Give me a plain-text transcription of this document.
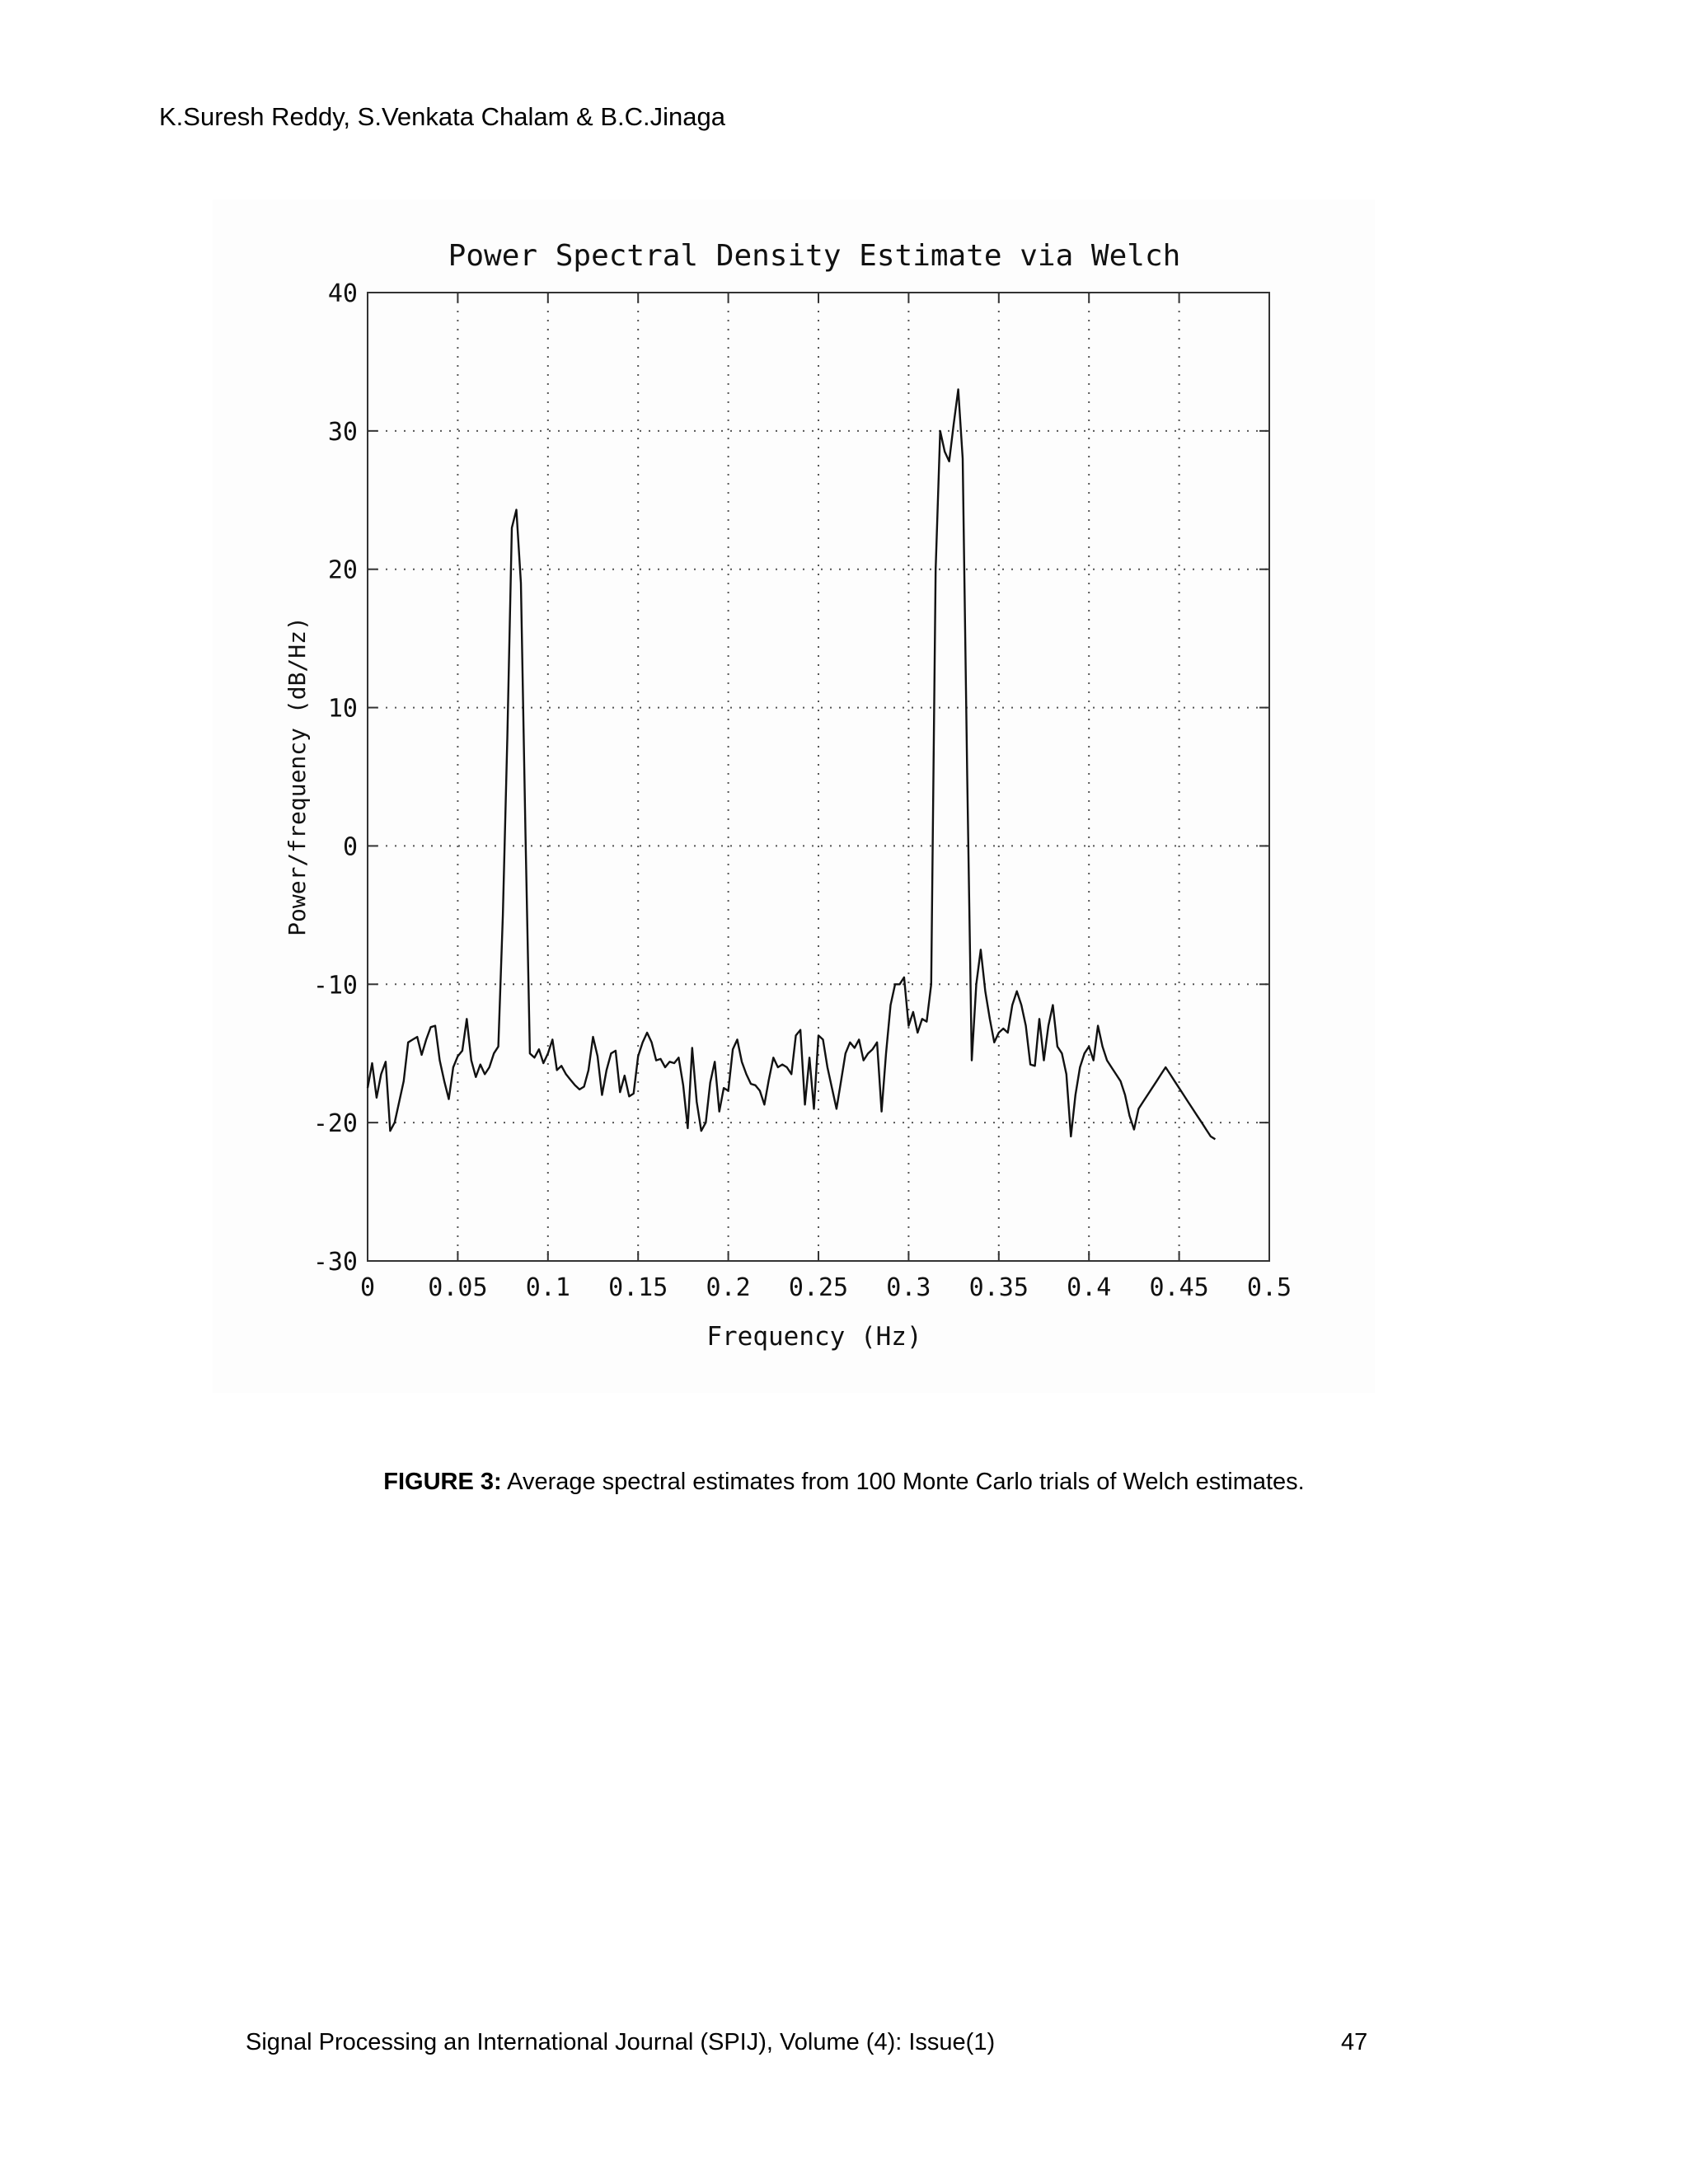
K.Suresh Reddy, S.Venkata Chalam & B.C.Jinaga
Power Spectral Density Estimate via Welch
40
30
20
10
0
-10
-20
-30
0 0.05 0.1 0.15 0.2 0.25 0.3 0.35 0.4 0.45 0.5
Frequency (Hz)
Power/frequency (dB/Hz)
FIGURE 3: Average spectral estimates from 100 Monte Carlo trials of Welch estimates.
Signal Processing an International Journal (SPIJ), Volume (4): Issue(1)	47
